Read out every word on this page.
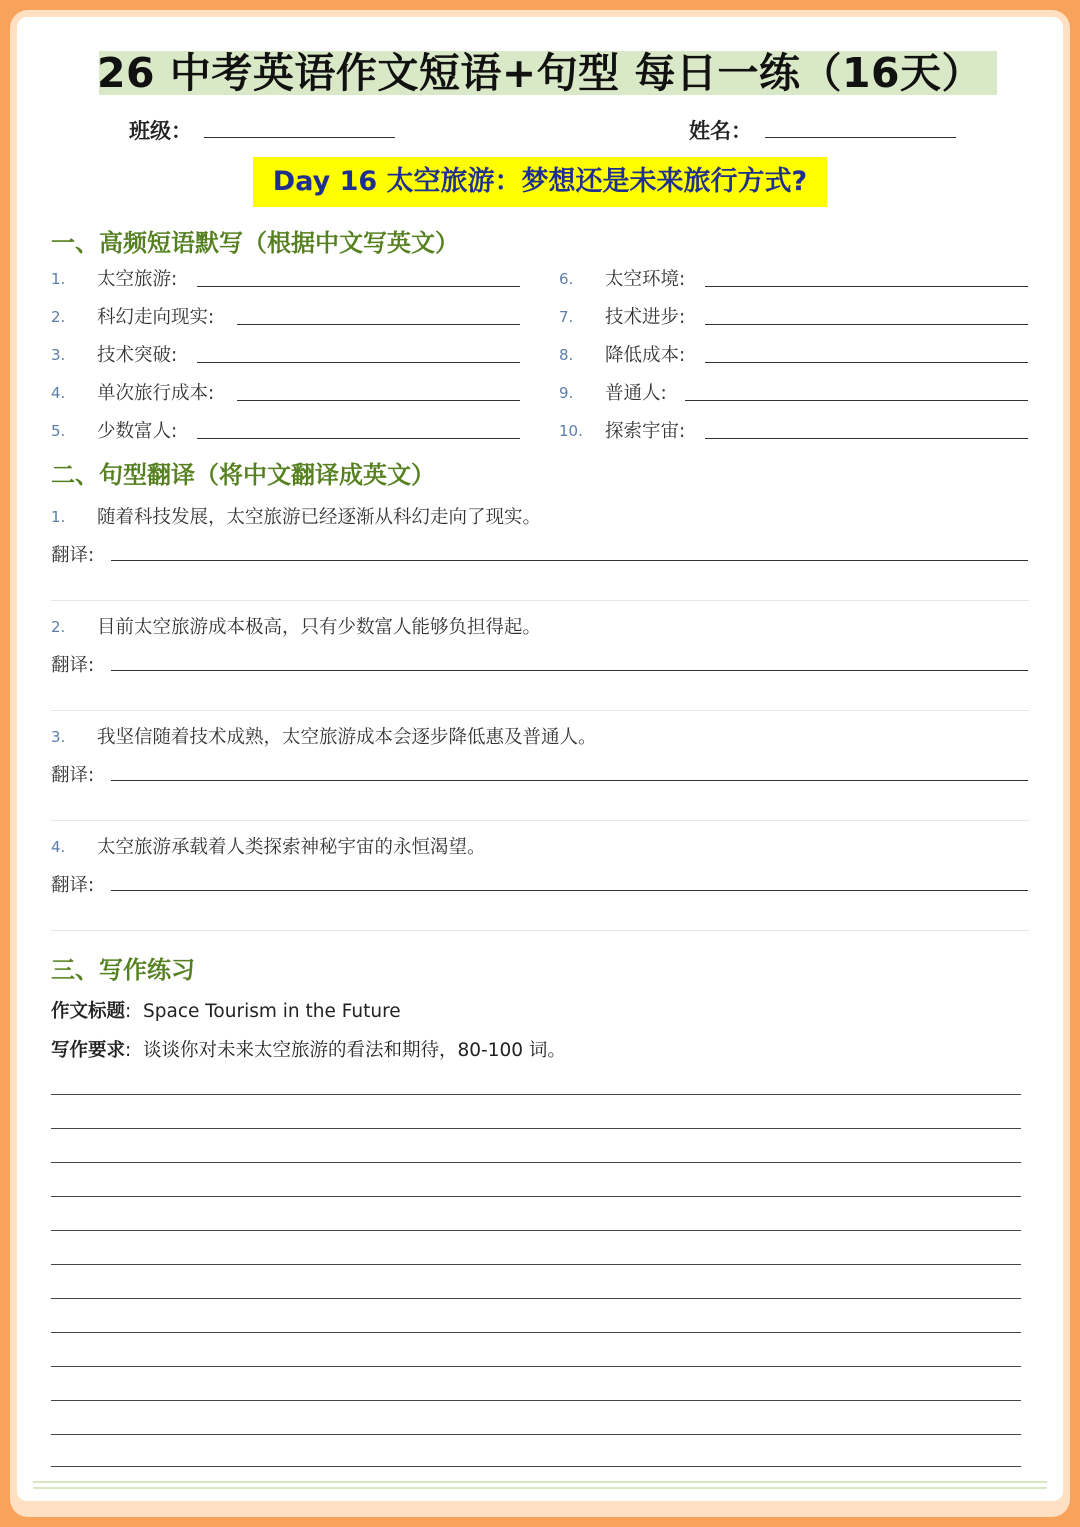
26 中考英语作文短语+句型 每日一练（16天）
班级：	姓名：
Day 16 太空旅游：梦想还是未来旅行方式?
一、高频短语默写（根据中文写英文）
1. 太空旅游:
2. 科幻走向现实:
3. 技术突破:
4. 单次旅行成本:
5. 少数富人:
6. 太空环境:
7. 技术进步:
8. 降低成本:
9. 普通人:
10. 探索宇宙:
二、句型翻译（将中文翻译成英文）
1. 随着科技发展，太空旅游已经逐渐从科幻走向了现实。
翻译:
2. 目前太空旅游成本极高，只有少数富人能够负担得起。
翻译:
3. 我坚信随着技术成熟，太空旅游成本会逐步降低惠及普通人。
翻译:
4. 太空旅游承载着人类探索神秘宇宙的永恒渴望。
翻译:
三、写作练习
作文标题: Space Tourism in the Future
写作要求: 谈谈你对未来太空旅游的看法和期待，80-100 词。
